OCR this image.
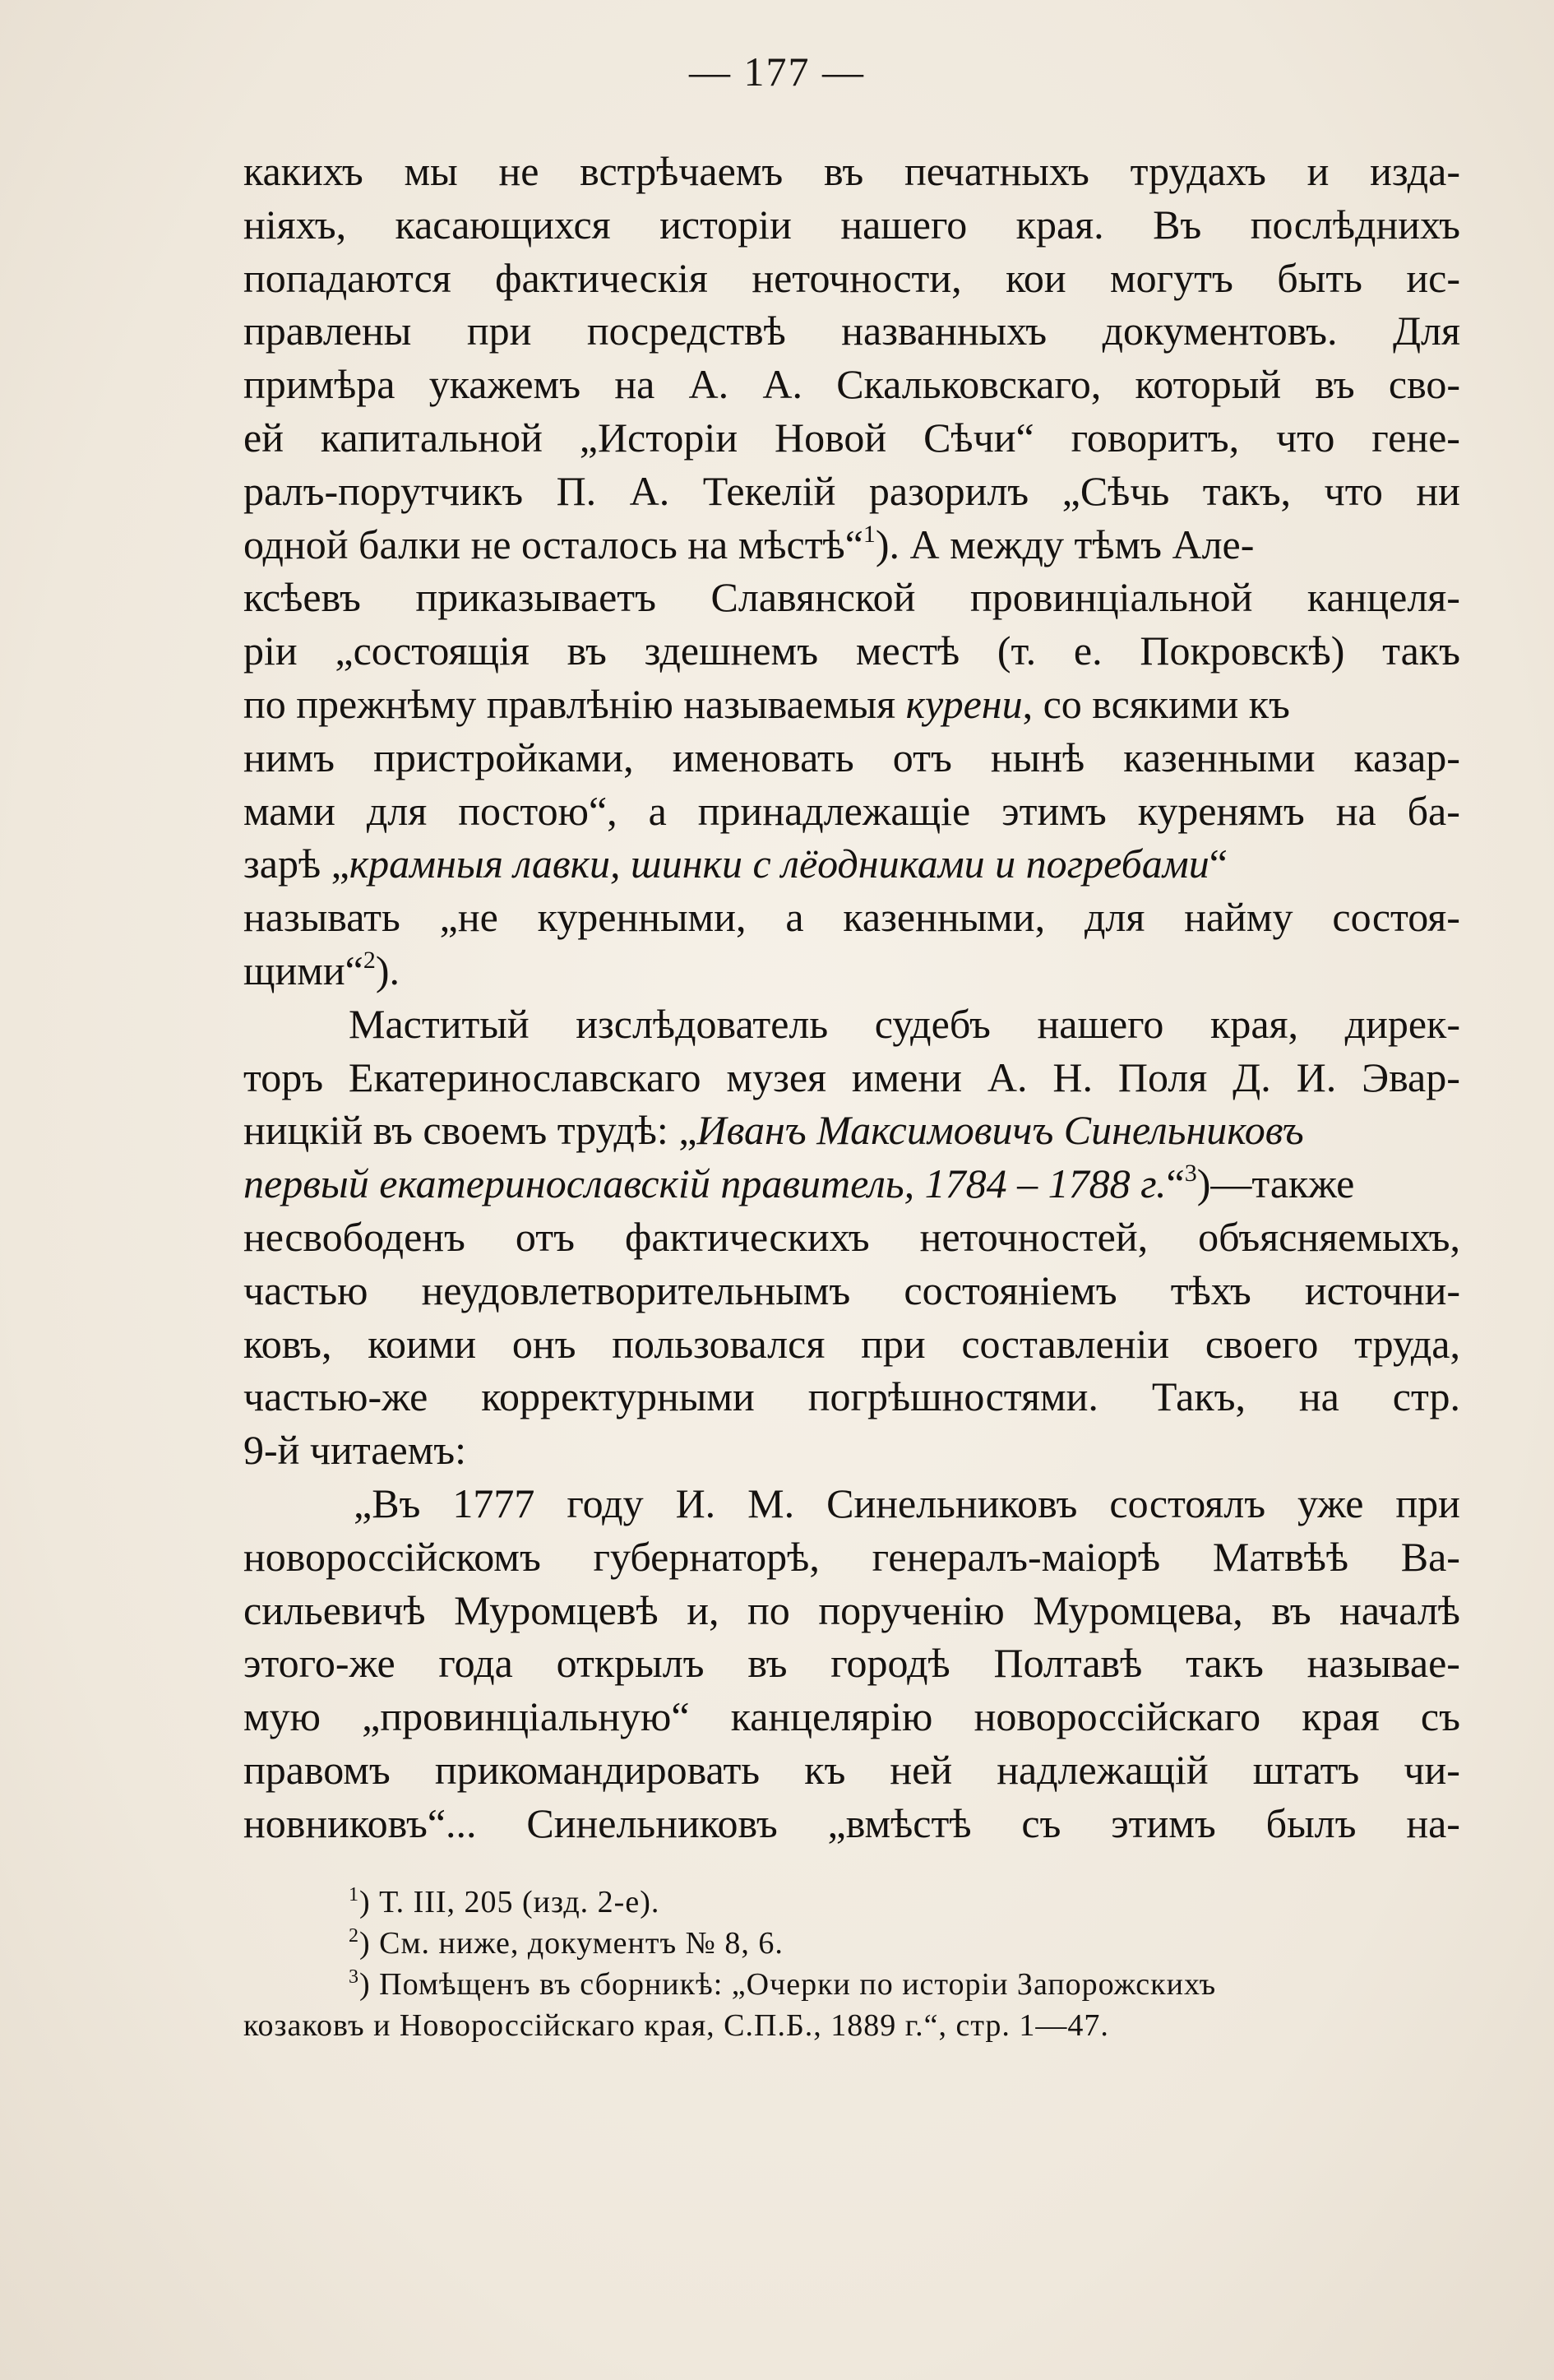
— 177 —
какихъ мы не встрѣчаемъ въ печатныхъ трудахъ и изда-
ніяхъ, касающихся исторіи нашего края. Въ послѣднихъ
попадаются фактическія неточности, кои могутъ быть ис-
правлены при посредствѣ названныхъ документовъ. Для
примѣра укажемъ на А. А. Скальковскаго, который въ сво-
ей капитальной „Исторіи Новой Сѣчи“ говоритъ, что гене-
ралъ-порутчикъ П. А. Текелій разорилъ „Сѣчь такъ, что ни
одной балки не осталось на мѣстѣ“$^1$). А между тѣмъ Але-
ксѣевъ приказываетъ Славянской провинціальной канцеля-
ріи „состоящія въ здешнемъ местѣ (т. е. Покровскѣ) такъ
по прежнѣму правлѣнію называемыя курени, со всякими къ
нимъ пристройками, именовать отъ нынѣ казенными казар-
мами для постою“, а принадлежащіе этимъ куренямъ на ба-
зарѣ „крамныя лавки, шинки с лёодниками и погребами“
называть „не куренными, а казенными, для найму состоя-
щими“$^2$).
Маститый изслѣдователь судебъ нашего края, дирек-
торъ Екатеринославскаго музея имени А. Н. Поля Д. И. Эвар-
ницкій въ своемъ трудѣ: „Иванъ Максимовичъ Синельниковъ
первый екатеринославскій правитель, 1784 – 1788 г.“$^3$)—также
несвободенъ отъ фактическихъ неточностей, объясняемыхъ,
частью неудовлетворительнымъ состояніемъ тѣхъ источни-
ковъ, коими онъ пользовался при составленіи своего труда,
частью-же корректурными погрѣшностями. Такъ, на стр.
9-й читаемъ:
„Въ 1777 году И. М. Синельниковъ состоялъ уже при
новороссійскомъ губернаторѣ, генералъ-маіорѣ Матвѣѣ Ва-
сильевичѣ Муромцевѣ и, по порученію Муромцева, въ началѣ
этого-же года открылъ въ городѣ Полтавѣ такъ называе-
мую „провинціальную“ канцелярію новороссійскаго края съ
правомъ прикомандировать къ ней надлежащій штатъ чи-
новниковъ“... Синельниковъ „вмѣстѣ съ этимъ былъ на-
$^1$) Т. III, 205 (изд. 2-е).
$^2$) См. ниже, документъ № 8, 6.
$^3$) Помѣщенъ въ сборникѣ: „Очерки по исторіи Запорожскихъ
козаковъ и Новороссійскаго края, С.П.Б., 1889 г.“, стр. 1—47.
